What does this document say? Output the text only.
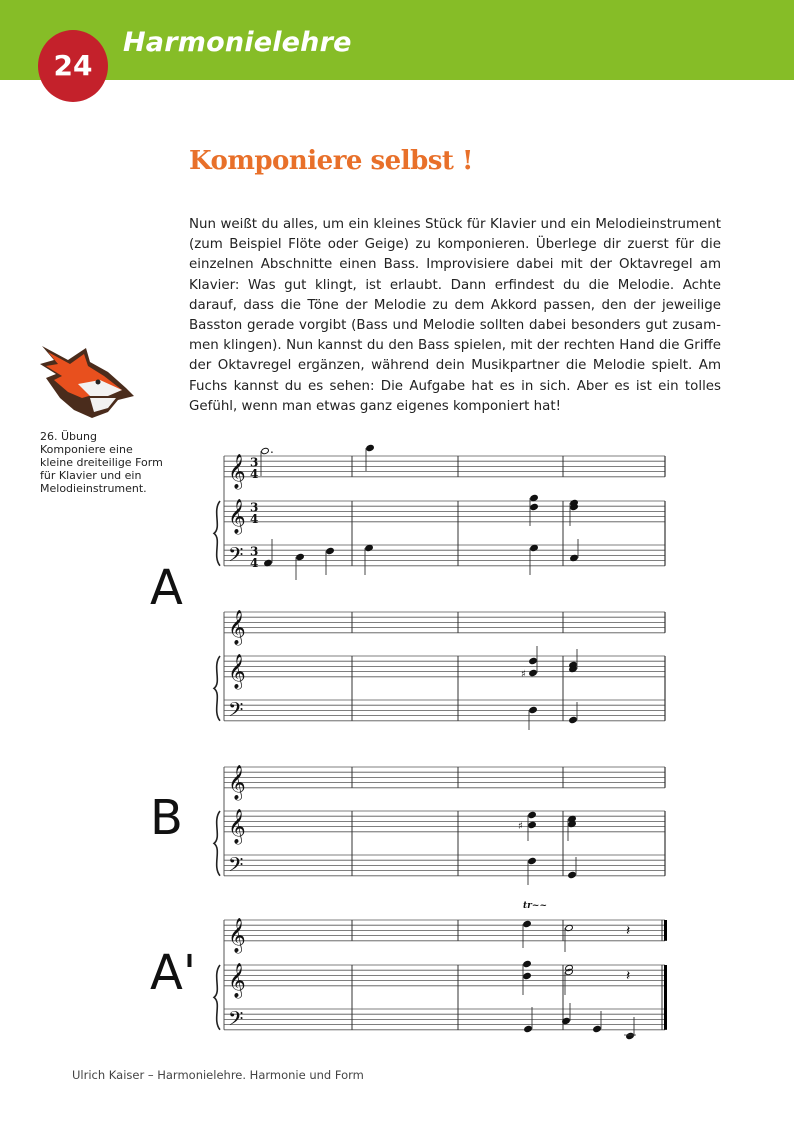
24
Harmonielehre
Komponiere selbst !
Nun weißt du alles, um ein kleines Stück für Klavier und ein Melodieinstrument (zum Beispiel Flöte oder Geige) zu komponieren. Überlege dir zuerst für die einzelnen Abschnitte einen Bass. Improvisiere dabei mit der Oktavregel am Klavier: Was gut klingt, ist erlaubt. Dann erfindest du die Melodie. Achte darauf, dass die Töne der Melodie zu dem Akkord passen, den der jeweilige Basston gerade vorgibt (Bass und Melodie sollten dabei besonders gut zusammen klingen). Nun kannst du den Bass spielen, mit der rechten Hand die Griffe der Oktavregel ergänzen, während dein Musikpartner die Melodie spielt. Am Fuchs kannst du es sehen: Die Aufgabe hat es in sich. Aber es ist ein tolles Gefühl, wenn man etwas ganz eigenes komponiert hat!
26. Übung
Komponiere eine
kleine dreiteilige Form
für Klavier und ein
Melodieinstrument.
A
B
A'
𝄞
𝄞
𝄢
3
4
3
4
3
4
𝄞
𝄞
𝄢
𝄞
𝄞
𝄢
𝄞
𝄞
𝄢
.
♯
♯
tr~~
𝄽
𝄽
Ulrich Kaiser – Harmonielehre. Harmonie und Form
